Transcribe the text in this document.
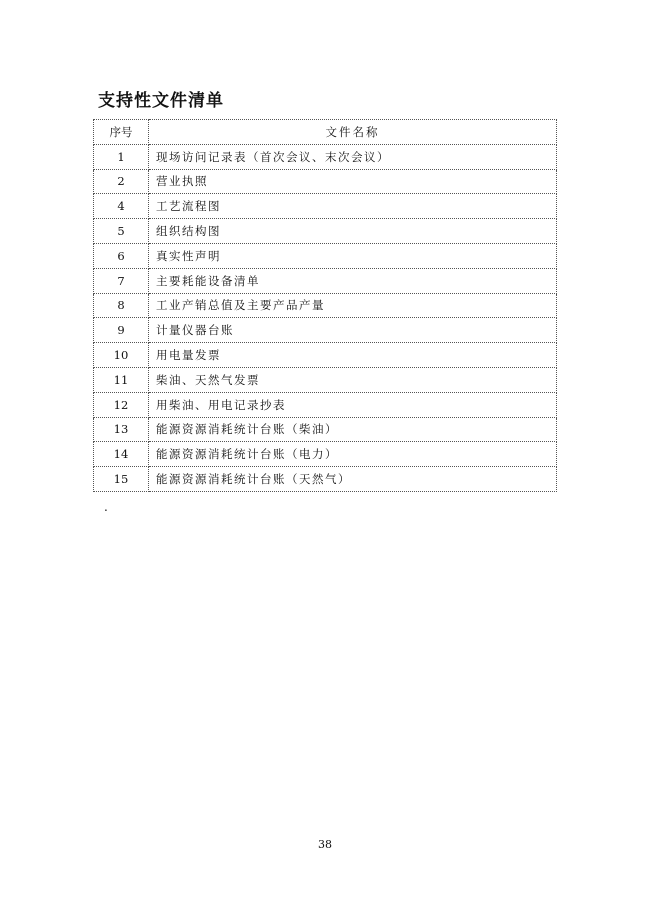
支持性文件清单
序号	文件名称
1	现场访问记录表（首次会议、末次会议）
2	营业执照
4	工艺流程图
5	组织结构图
6	真实性声明
7	主要耗能设备清单
8	工业产销总值及主要产品产量
9	计量仪器台账
10	用电量发票
11	柴油、天然气发票
12	用柴油、用电记录抄表
13	能源资源消耗统计台账（柴油）
14	能源资源消耗统计台账（电力）
15	能源资源消耗统计台账（天然气）
.
38
